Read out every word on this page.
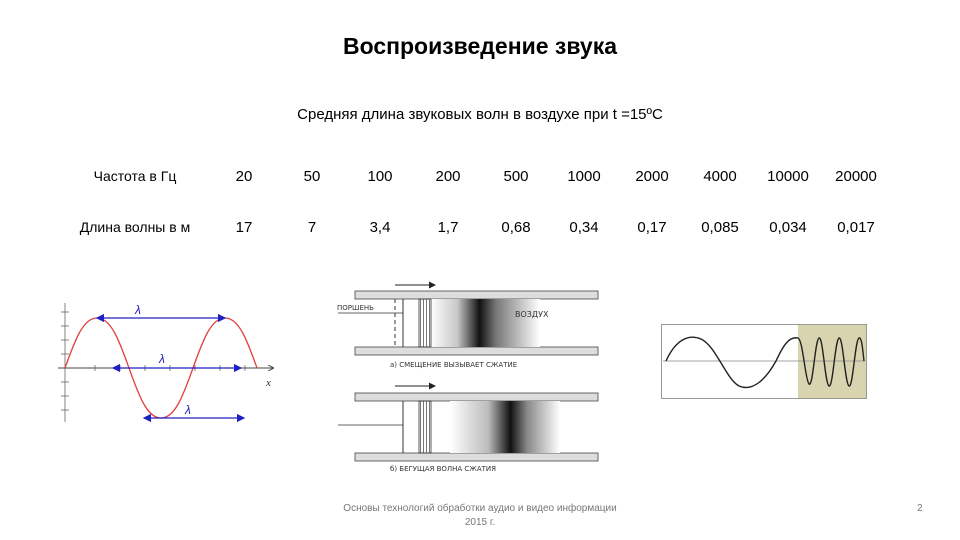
Воспроизведение звука
Средняя длина звуковых волн в воздухе при t =15ºС
Частота в Гц	20	50	100	200	500	1000	2000	4000	10000	20000
Длина волны в м	17	7	3,4	1,7	0,68	0,34	0,17	0,085	0,034	0,017
x
λ
λ
λ
ПОРШЕНЬ
ВОЗДУХ
а) СМЕЩЕНИЕ ВЫЗЫВАЕТ СЖАТИЕ
б) БЕГУЩАЯ ВОЛНА СЖАТИЯ
Основы технологий обработки аудио и видео информации
2015 г.
2
